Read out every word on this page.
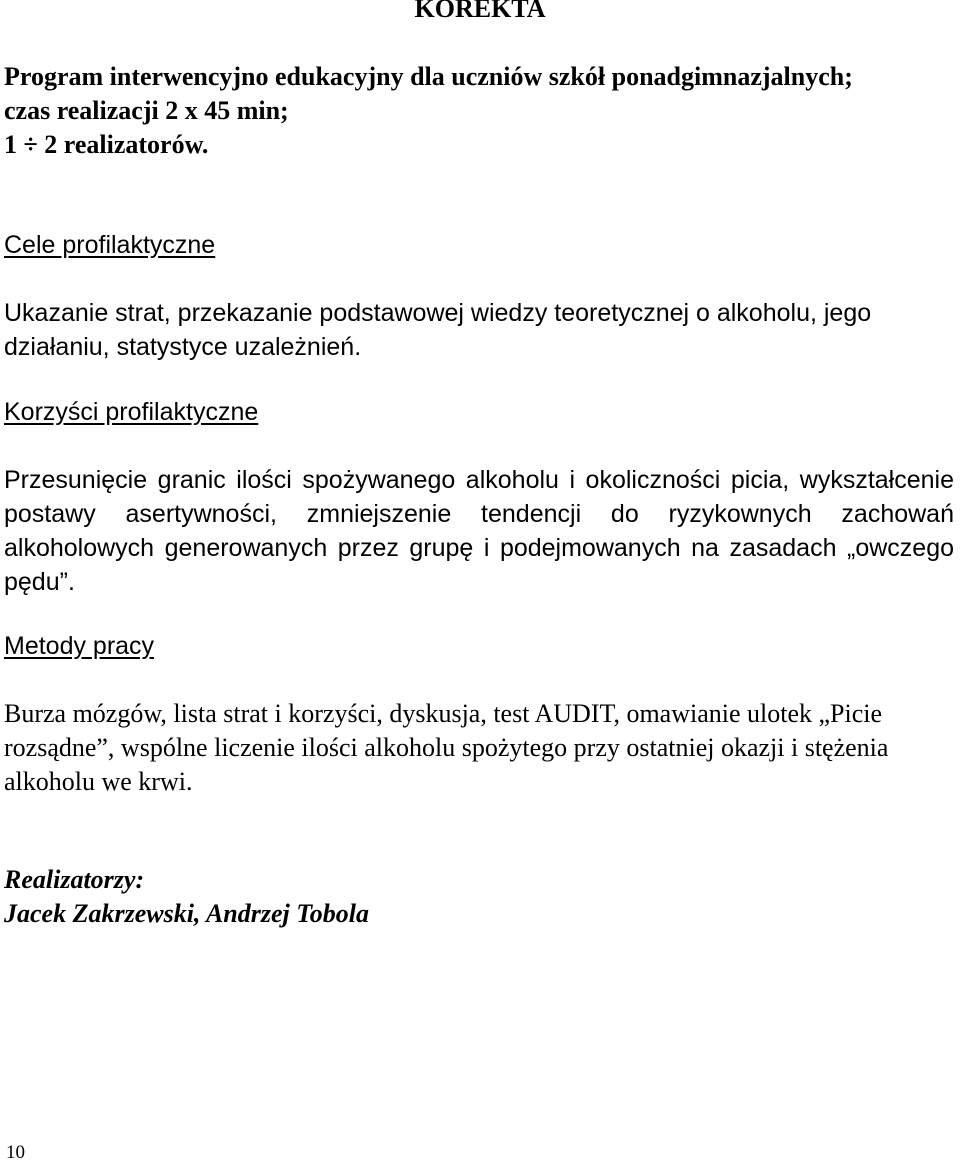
KOREKTA
Program interwencyjno edukacyjny dla uczniów szkół ponadgimnazjalnych;
czas realizacji 2 x 45 min;
1 ÷ 2 realizatorów.
Cele profilaktyczne
Ukazanie strat, przekazanie podstawowej wiedzy teoretycznej o alkoholu, jego działaniu, statystyce uzależnień.
Korzyści profilaktyczne
Przesunięcie granic ilości spożywanego alkoholu i okoliczności picia, wykształcenie postawy asertywności, zmniejszenie tendencji do ryzykownych zachowań alkoholowych generowanych przez grupę i podejmowanych na zasadach „owczego pędu”.
Metody pracy
Burza mózgów, lista strat i korzyści, dyskusja, test AUDIT, omawianie ulotek „Picie rozsądne”, wspólne liczenie ilości alkoholu spożytego przy ostatniej okazji i stężenia alkoholu we krwi.
Realizatorzy:
Jacek Zakrzewski, Andrzej Tobola
10
